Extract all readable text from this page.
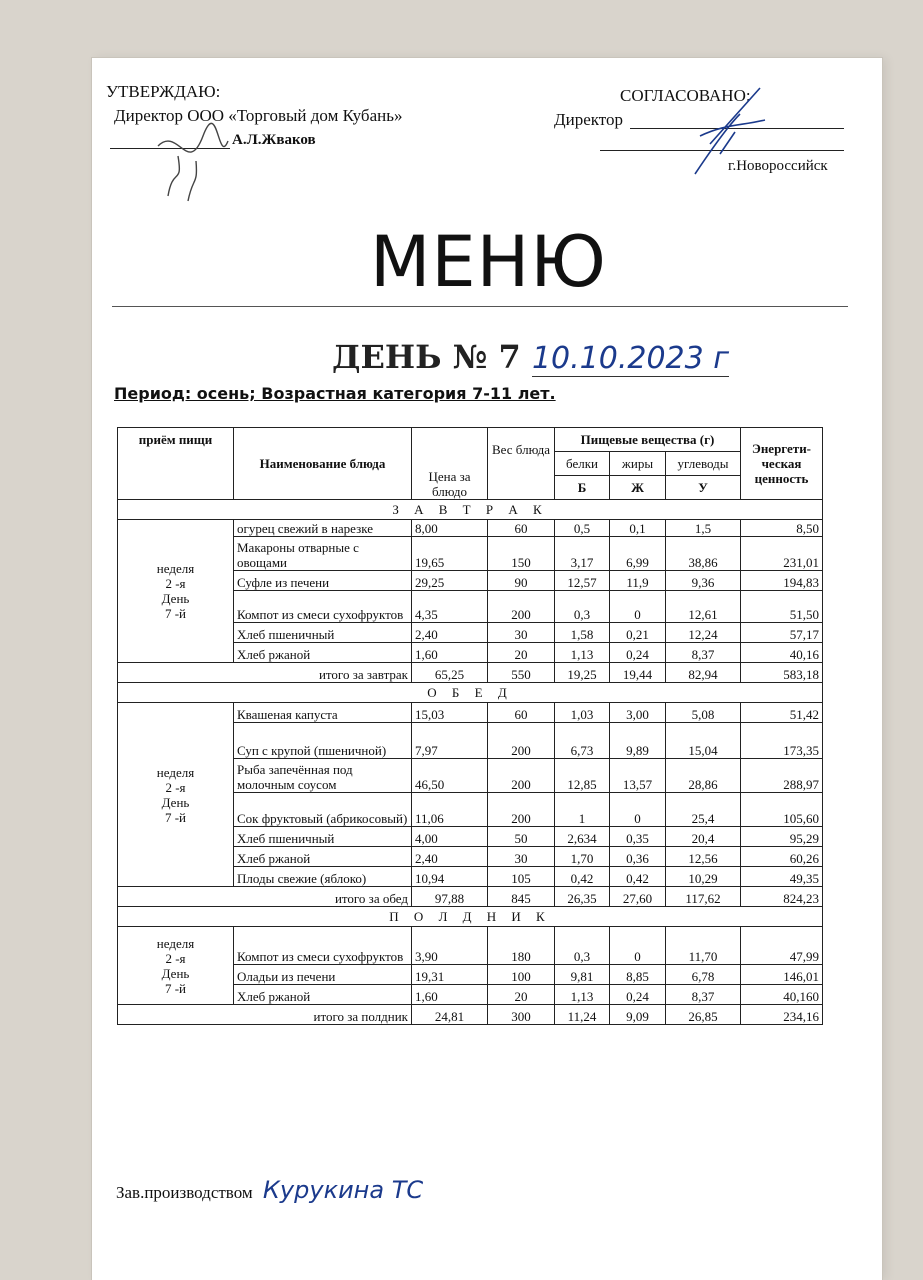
УТВЕРЖДАЮ:
Директор ООО «Торговый дом Кубань»
А.Л.Жваков
СОГЛАСОВАНО:
Директор
г.Новороссийск
МЕНЮ
ДЕНЬ № 7 10.10.2023 г
Период: осень; Возрастная категория 7-11 лет.
приём пищи	Наименование блюда	Цена за блюдо	Вес блюда	Пищевые вещества (г)			Энергети-ческая ценность
				белки	жиры	углеводы	
				Б	Ж	У	
З А В Т Р А К							

неделя
2 -я
День
7 -й	огурец свежий в нарезке	8,00	60	0,5	0,1	1,5	8,50
	Макароны отварные с овощами	19,65	150	3,17	6,99	38,86	231,01
	Суфле из печени	29,25	90	12,57	11,9	9,36	194,83
	Компот из смеси сухофруктов	4,35	200	0,3	0	12,61	51,50
	Хлеб пшеничный	2,40	30	1,58	0,21	12,24	57,17
	Хлеб ржаной	1,60	20	1,13	0,24	8,37	40,16
итого за завтрак		65,25	550	19,25	19,44	82,94	583,18
О Б Е Д							

неделя
2 -я
День
7 -й	Квашеная капуста	15,03	60	1,03	3,00	5,08	51,42
	Суп с крупой (пшеничной)	7,97	200	6,73	9,89	15,04	173,35
	Рыба запечённая под молочным соусом	46,50	200	12,85	13,57	28,86	288,97
	Сок фруктовый (абрикосовый)	11,06	200	1	0	25,4	105,60
	Хлеб пшеничный	4,00	50	2,634	0,35	20,4	95,29
	Хлеб ржаной	2,40	30	1,70	0,36	12,56	60,26
	Плоды свежие (яблоко)	10,94	105	0,42	0,42	10,29	49,35
итого за обед		97,88	845	26,35	27,60	117,62	824,23
П О Л Д Н И К							

неделя
2 -я
День
7 -й	Компот из смеси сухофруктов	3,90	180	0,3	0	11,70	47,99
	Оладьи из печени	19,31	100	9,81	8,85	6,78	146,01
	Хлеб ржаной	1,60	20	1,13	0,24	8,37	40,160
итого за полдник		24,81	300	11,24	9,09	26,85	234,16
Зав.производством Курукина ТС
